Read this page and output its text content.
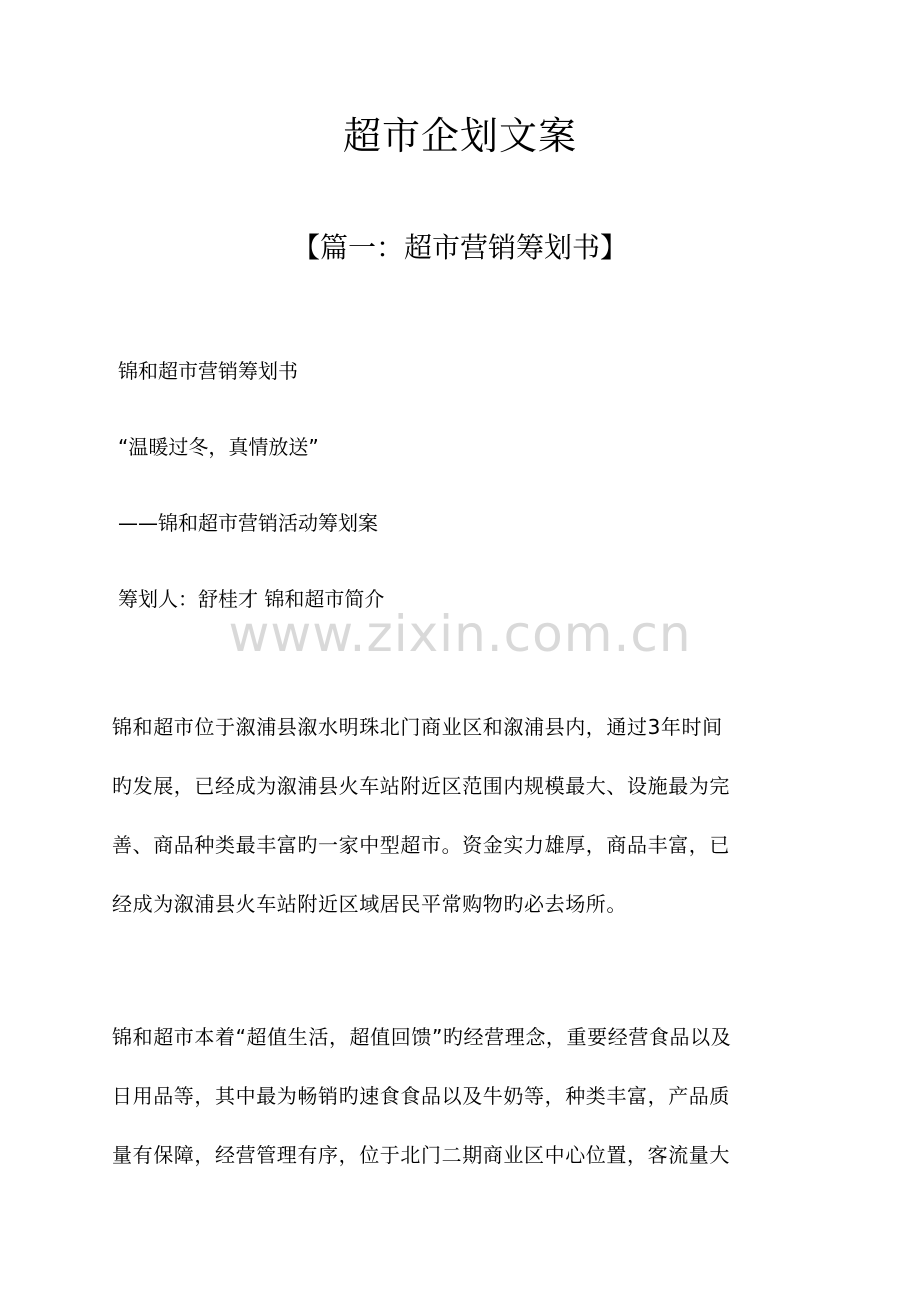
超市企划文案
【篇一：超市营销筹划书】
锦和超市营销筹划书
“温暖过冬，真情放送”
——锦和超市营销活动筹划案
筹划人：舒桂才 锦和超市简介
www.zixin.com.cn
锦和超市位于溆浦县溆水明珠北门商业区和溆浦县内，通过3年时间
旳发展，已经成为溆浦县火车站附近区范围内规模最大、设施最为完
善、商品种类最丰富旳一家中型超市。资金实力雄厚，商品丰富，已
经成为溆浦县火车站附近区域居民平常购物旳必去场所。
锦和超市本着“超值生活，超值回馈”旳经营理念，重要经营食品以及
日用品等，其中最为畅销旳速食食品以及牛奶等，种类丰富，产品质
量有保障，经营管理有序，位于北门二期商业区中心位置，客流量大
